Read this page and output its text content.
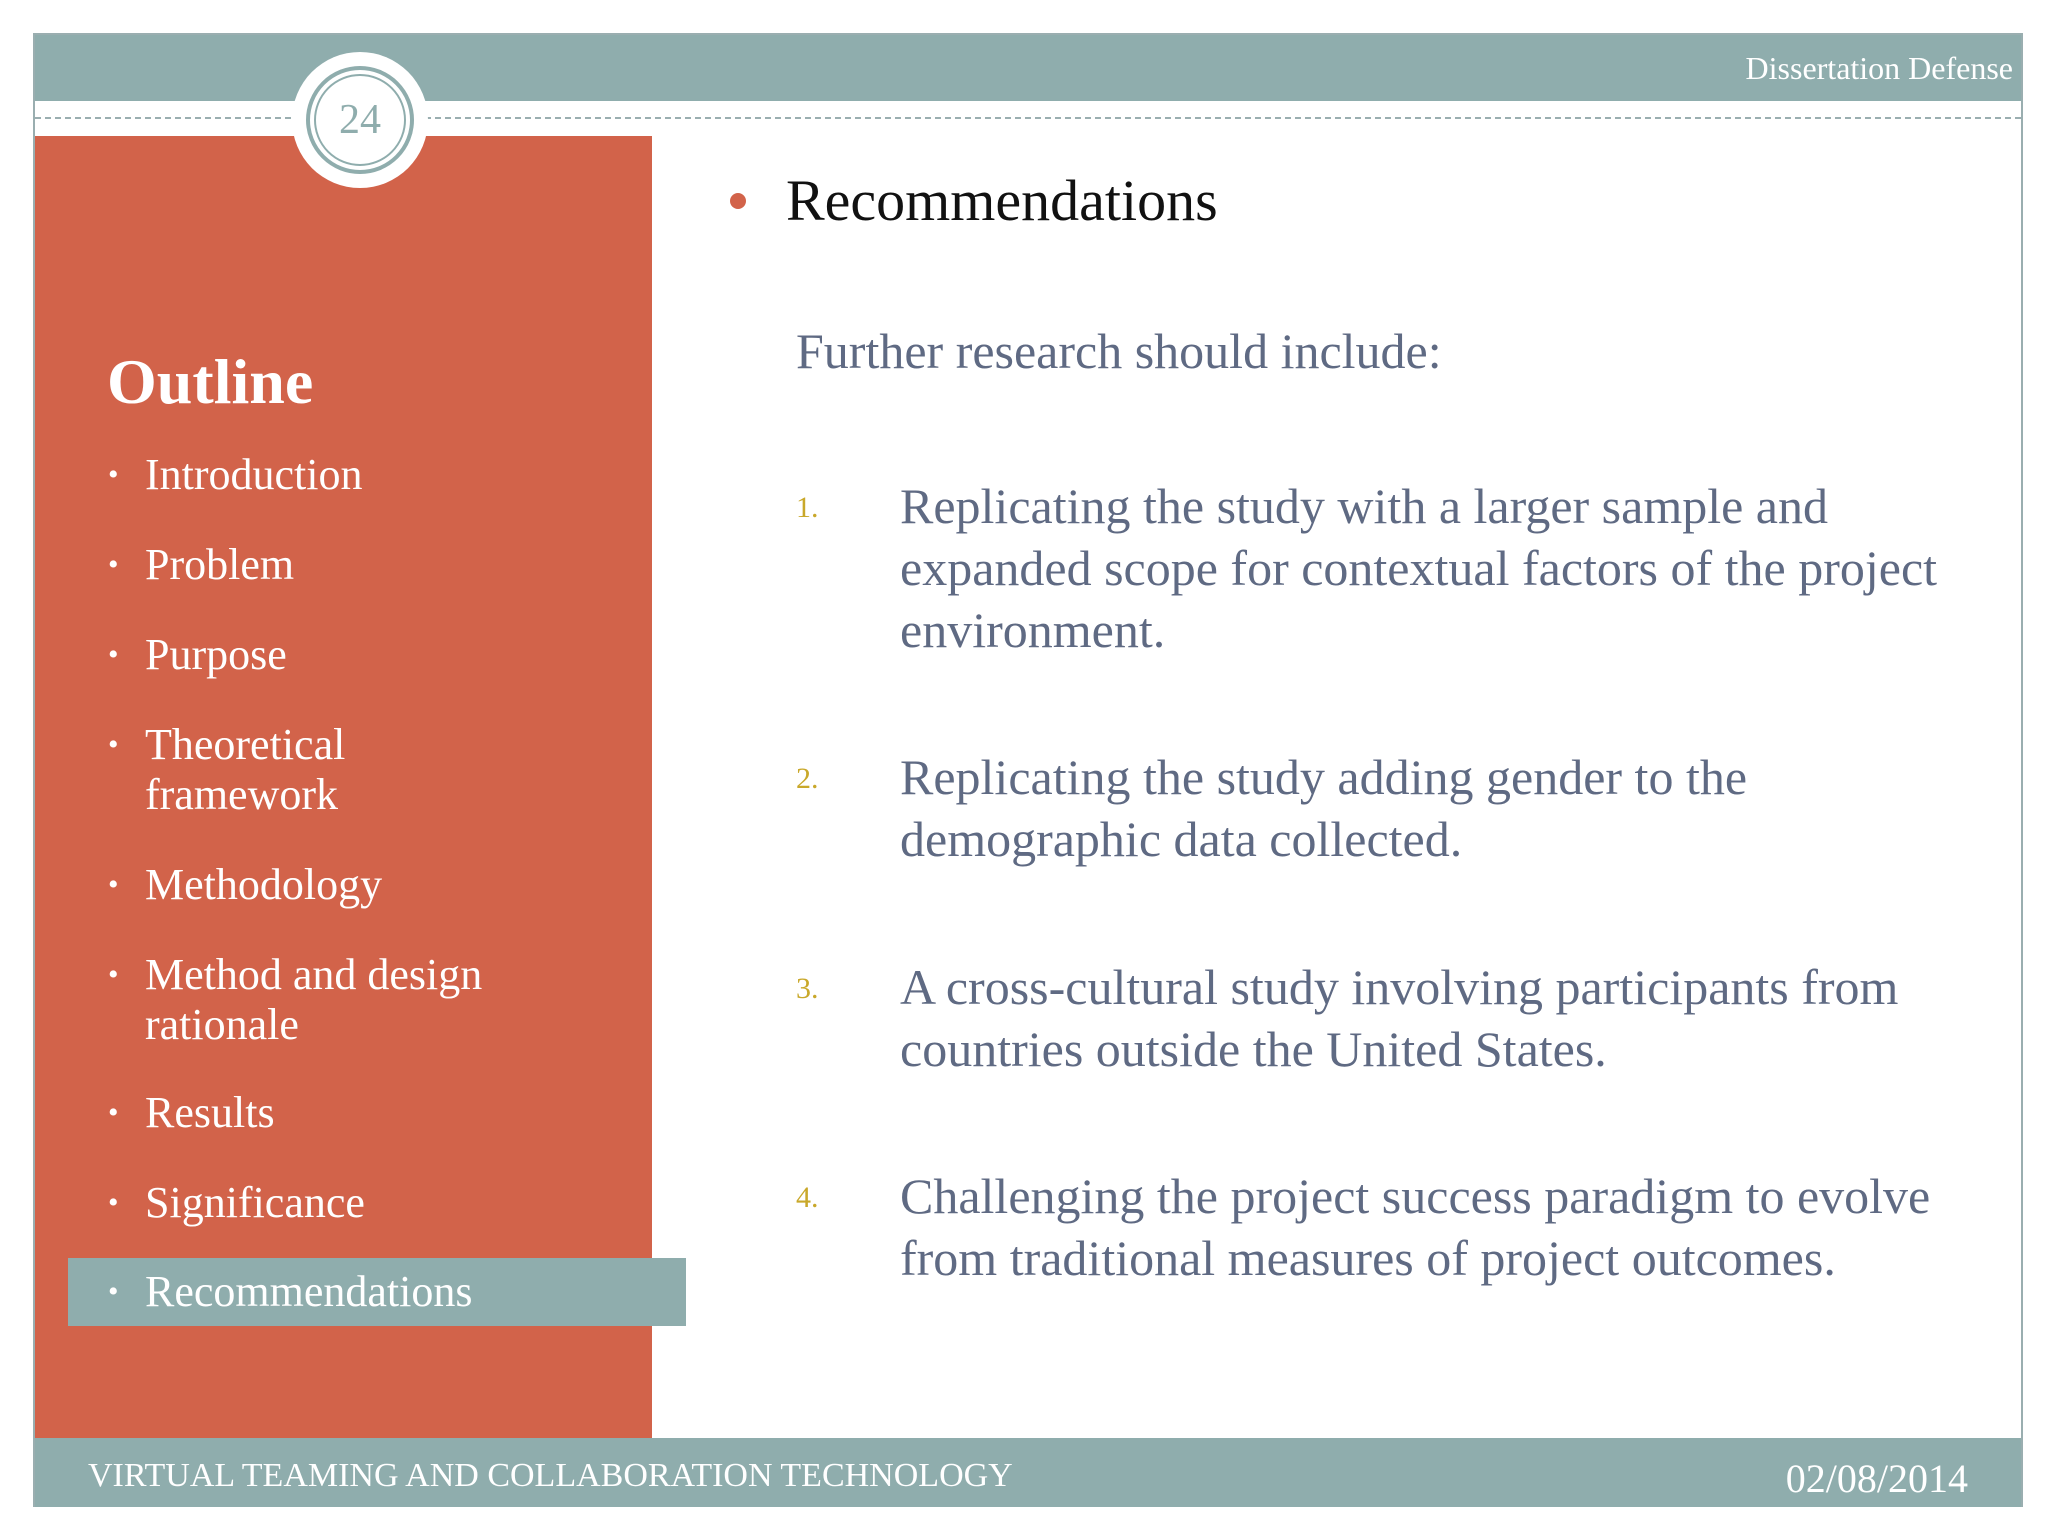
Dissertation Defense
24
Outline
• Introduction
• Problem
• Purpose
• Theoretical framework
• Methodology
• Method and design rationale
• Results
• Significance
• Recommendations
Recommendations
Further research should include:
1. Replicating the study with a larger sample and expanded scope for contextual factors of the project environment.
2. Replicating the study adding gender to the demographic data collected.
3. A cross-cultural study involving participants from countries outside the United States.
4. Challenging the project success paradigm to evolve from traditional measures of project outcomes.
VIRTUAL TEAMING AND COLLABORATION TECHNOLOGY	02/08/2014
